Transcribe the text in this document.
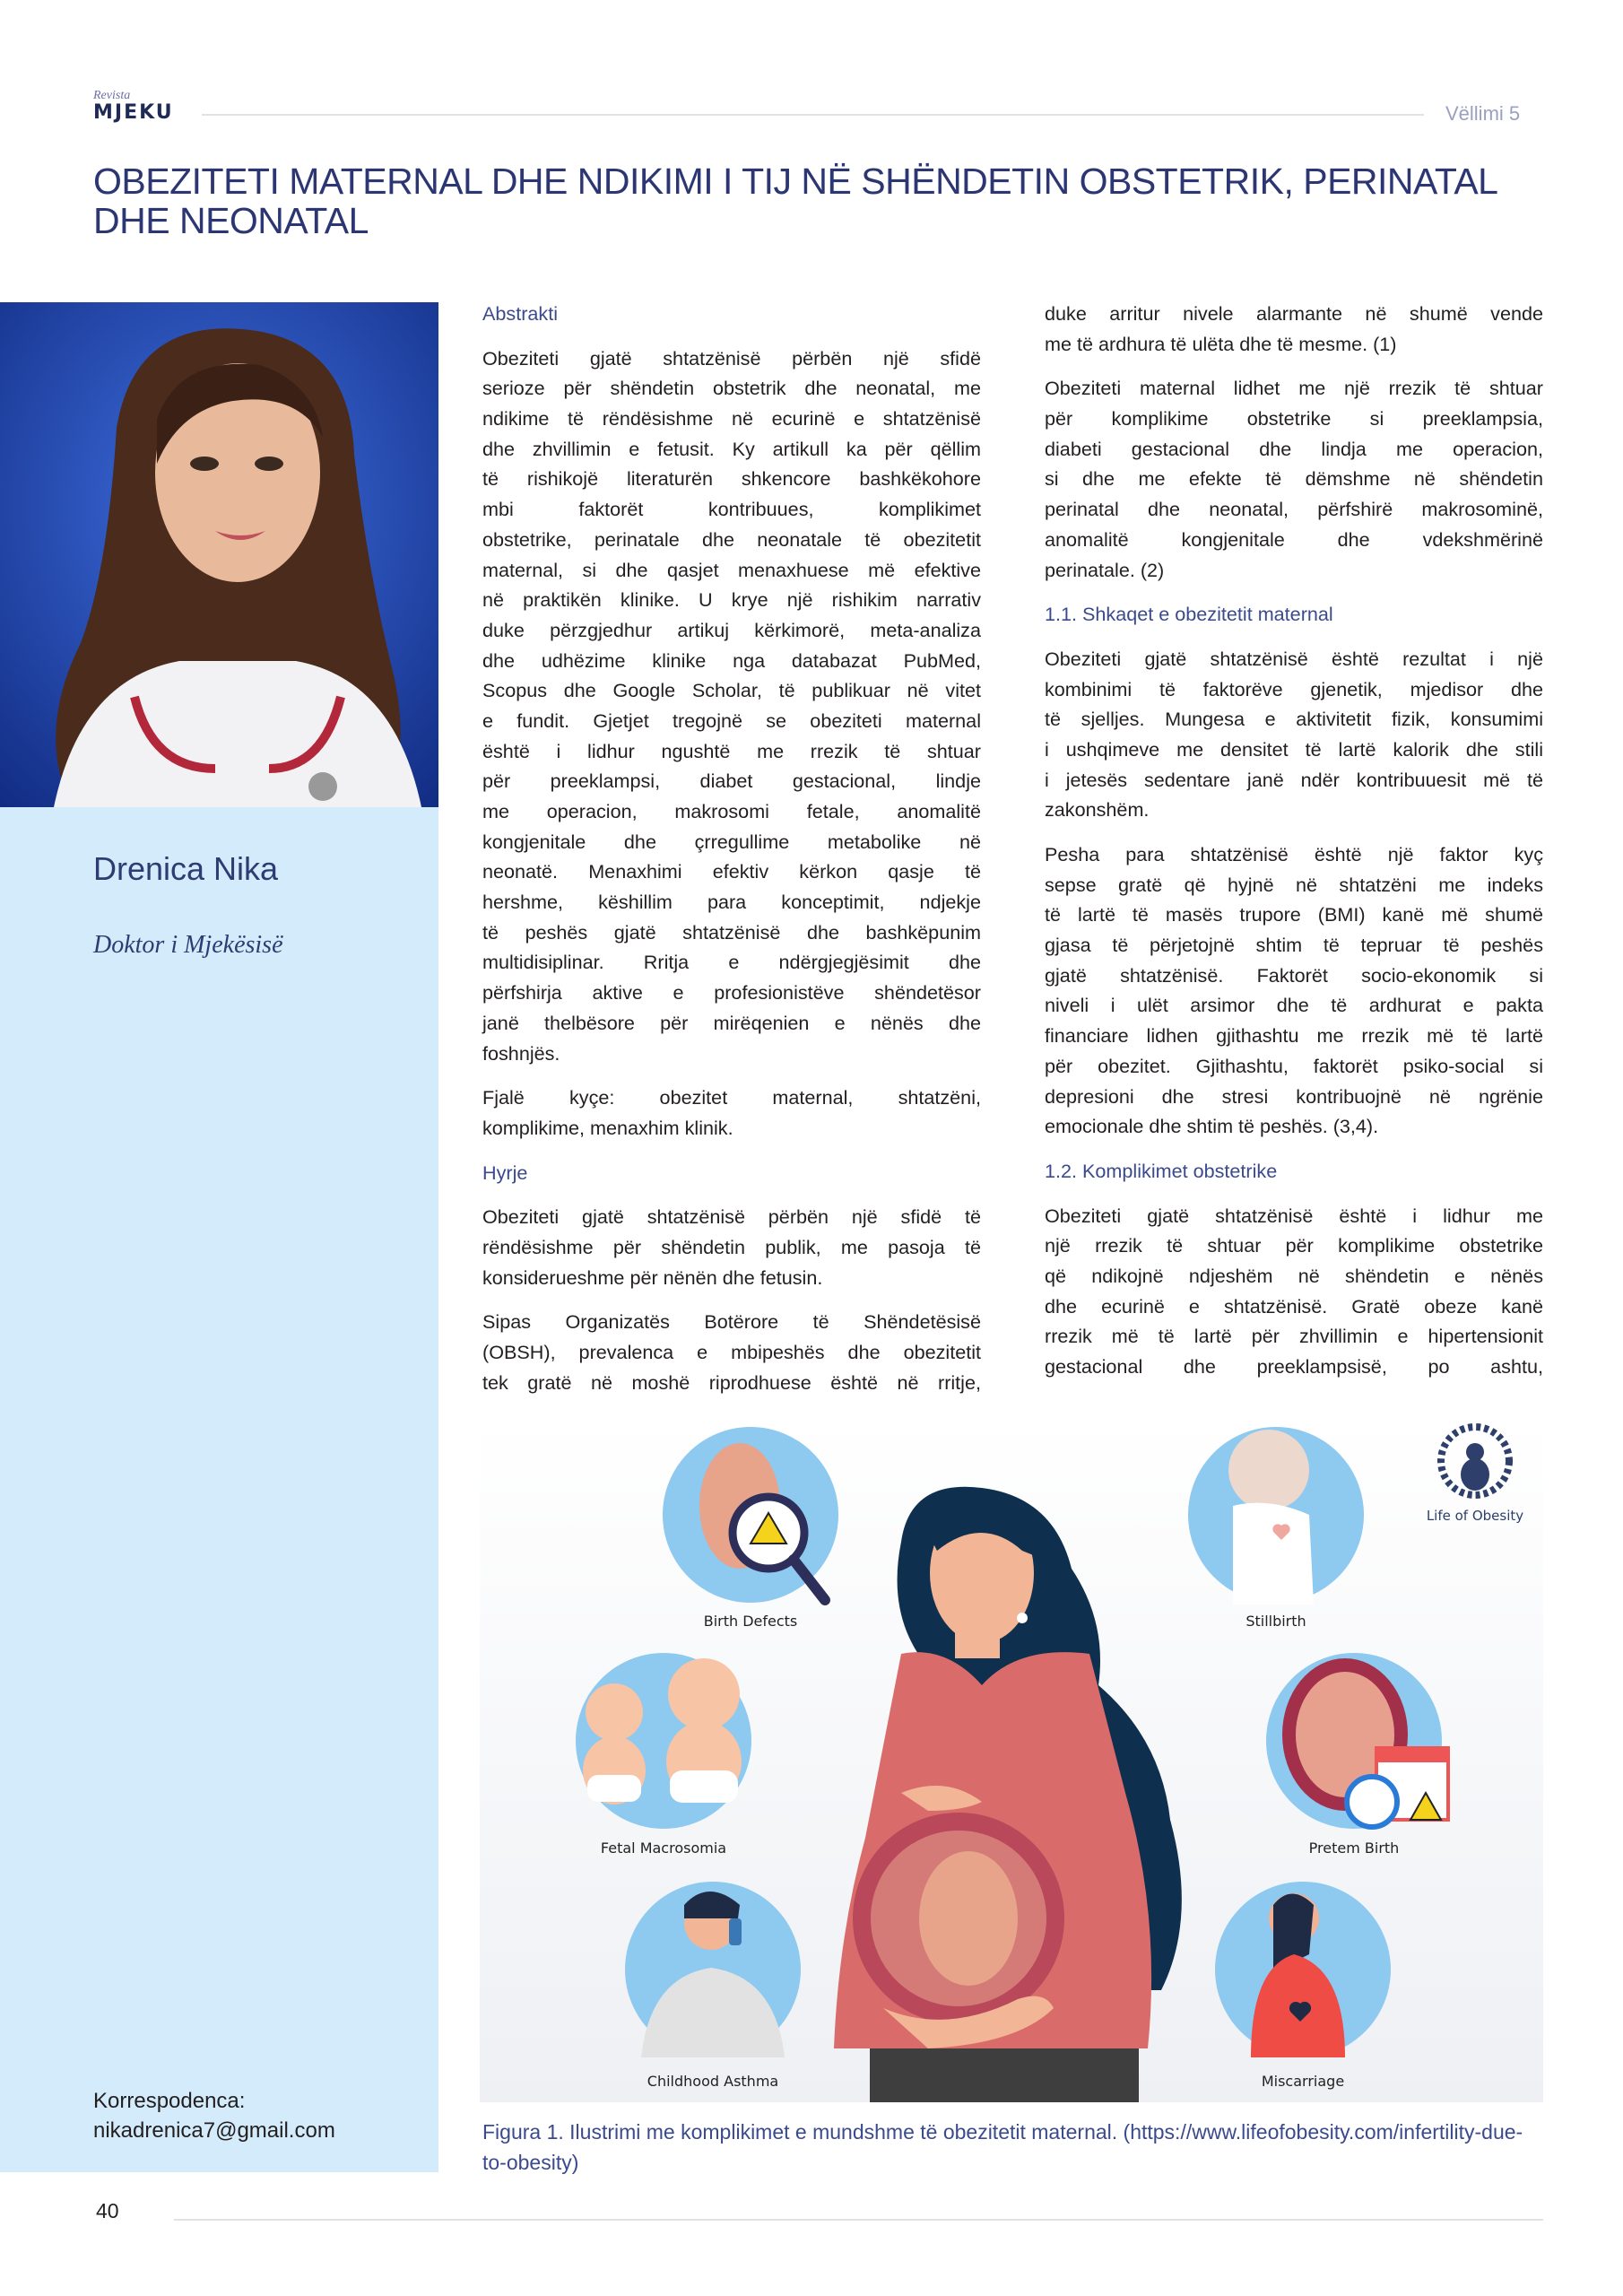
Revista
MJEKU	Vëllimi 5
OBEZITETI MATERNAL DHE NDIKIMI I TIJ NË SHËNDETIN OBSTETRIK, PERINATAL DHE NEONATAL
Drenica Nika
Doktor i Mjekësisë
Korrespodenca:
nikadrenica7@gmail.com
Abstrakti
Obeziteti gjatë shtatzënisë përbën një sfidë
serioze për shëndetin obstetrik dhe neonatal, me
ndikime të rëndësishme në ecurinë e shtatzënisë
dhe zhvillimin e fetusit. Ky artikull ka për qëllim
të rishikojë literaturën shkencore bashkëkohore
mbi faktorët kontribuues, komplikimet
obstetrike, perinatale dhe neonatale të obezitetit
maternal, si dhe qasjet menaxhuese më efektive
në praktikën klinike. U krye një rishikim narrativ
duke përzgjedhur artikuj kërkimorë, meta-analiza
dhe udhëzime klinike nga databazat PubMed,
Scopus dhe Google Scholar, të publikuar në vitet
e fundit. Gjetjet tregojnë se obeziteti maternal
është i lidhur ngushtë me rrezik të shtuar
për preeklampsi, diabet gestacional, lindje
me operacion, makrosomi fetale, anomalitë
kongjenitale dhe çrregullime metabolike në
neonatë. Menaxhimi efektiv kërkon qasje të
hershme, këshillim para konceptimit, ndjekje
të peshës gjatë shtatzënisë dhe bashkëpunim
multidisiplinar. Rritja e ndërgjegjësimit dhe
përfshirja aktive e profesionistëve shëndetësor
janë thelbësore për mirëqenien e nënës dhe
foshnjës.
Fjalë kyçe: obezitet maternal, shtatzëni,
komplikime, menaxhim klinik.
Hyrje
Obeziteti gjatë shtatzënisë përbën një sfidë të
rëndësishme për shëndetin publik, me pasoja të
konsiderueshme për nënën dhe fetusin.
Sipas Organizatës Botërore të Shëndetësisë
(OBSH), prevalenca e mbipeshës dhe obezitetit
tek gratë në moshë riprodhuese është në rritje,
duke arritur nivele alarmante në shumë vende
me të ardhura të ulëta dhe të mesme. (1)
Obeziteti maternal lidhet me një rrezik të shtuar
për komplikime obstetrike si preeklampsia,
diabeti gestacional dhe lindja me operacion,
si dhe me efekte të dëmshme në shëndetin
perinatal dhe neonatal, përfshirë makrosominë,
anomalitë kongjenitale dhe vdekshmërinë
perinatale. (2)
1.1. Shkaqet e obezitetit maternal
Obeziteti gjatë shtatzënisë është rezultat i një
kombinimi të faktorëve gjenetik, mjedisor dhe
të sjelljes. Mungesa e aktivitetit fizik, konsumimi
i ushqimeve me densitet të lartë kalorik dhe stili
i jetesës sedentare janë ndër kontribuuesit më të
zakonshëm.
Pesha para shtatzënisë është një faktor kyç
sepse gratë që hyjnë në shtatzëni me indeks
të lartë të masës trupore (BMI) kanë më shumë
gjasa të përjetojnë shtim të tepruar të peshës
gjatë shtatzënisë. Faktorët socio-ekonomik si
niveli i ulët arsimor dhe të ardhurat e pakta
financiare lidhen gjithashtu me rrezik më të lartë
për obezitet. Gjithashtu, faktorët psiko-social si
depresioni dhe stresi kontribuojnë në ngrënie
emocionale dhe shtim të peshës. (3,4).
1.2. Komplikimet obstetrike
Obeziteti gjatë shtatzënisë është i lidhur me
një rrezik të shtuar për komplikime obstetrike
që ndikojnë ndjeshëm në shëndetin e nënës
dhe ecurinë e shtatzënisë. Gratë obeze kanë
rrezik më të lartë për zhvillimin e hipertensionit
gestacional dhe preeklampsisë, po ashtu,
Birth Defects	Stillbirth
Fetal Macrosomia	Pretem Birth
Childhood Asthma	Miscarriage
Life of Obesity
Figura 1. Ilustrimi me komplikimet e mundshme të obezitetit maternal. (https://www.lifeofobesity.com/infertility-due-to-obesity)
40
